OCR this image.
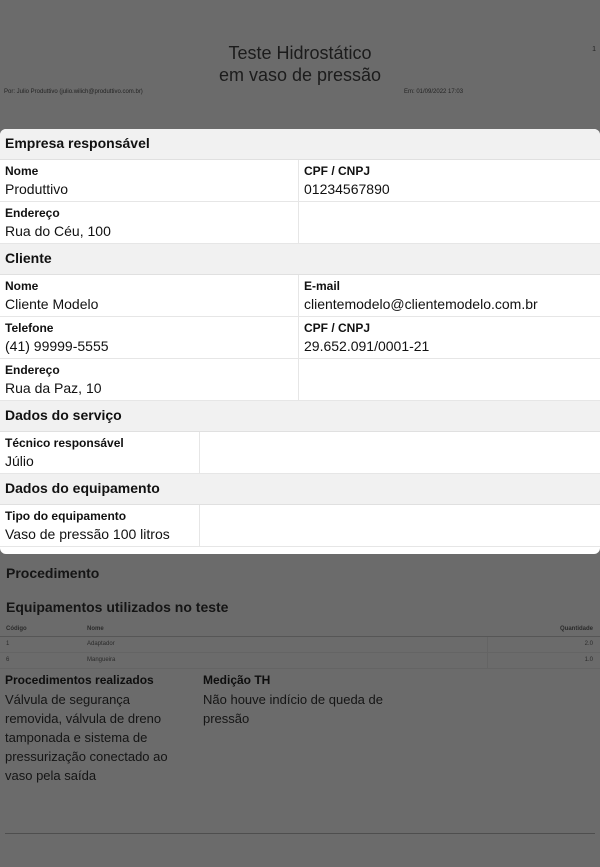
Empresa responsável
Nome
Produttivo
CPF / CNPJ
01234567890
Endereço
Rua do Céu, 100
Cliente
Nome
Cliente Modelo
E-mail
clientemodelo@clientemodelo.com.br
Telefone
(41) 99999-5555
CPF / CNPJ
29.652.091/0001-21
Endereço
Rua da Paz, 10
Dados do serviço
Técnico responsável
Júlio
Dados do equipamento
Tipo do equipamento
Vaso de pressão 100 litros
